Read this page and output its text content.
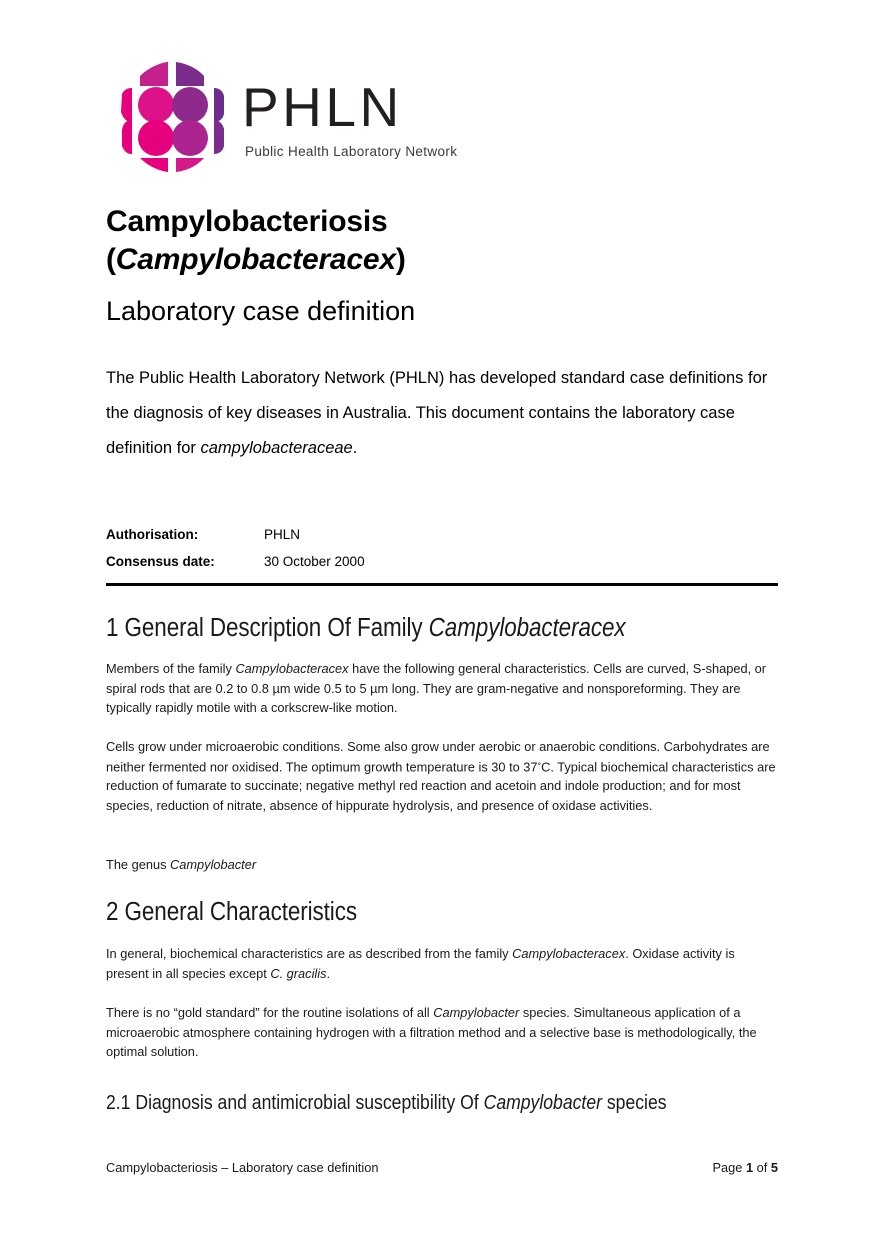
PHLN
Public Health Laboratory Network
Campylobacteriosis
(Campylobacteracex)
Laboratory case definition
The Public Health Laboratory Network (PHLN) has developed standard case definitions for the diagnosis of key diseases in Australia. This document contains the laboratory case definition for campylobacteraceae.
Authorisation:	PHLN
Consensus date:	30 October 2000
1 General Description Of Family Campylobacteracex
Members of the family Campylobacteracex have the following general characteristics. Cells are curved, S-shaped, or spiral rods that are 0.2 to 0.8 µm wide 0.5 to 5 µm long. They are gram-negative and nonsporeforming. They are typically rapidly motile with a corkscrew-like motion.
Cells grow under microaerobic conditions. Some also grow under aerobic or anaerobic conditions. Carbohydrates are neither fermented nor oxidised. The optimum growth temperature is 30 to 37°C. Typical biochemical characteristics are reduction of fumarate to succinate; negative methyl red reaction and acetoin and indole production; and for most species, reduction of nitrate, absence of hippurate hydrolysis, and presence of oxidase activities.
The genus Campylobacter
2 General Characteristics
In general, biochemical characteristics are as described from the family Campylobacteracex. Oxidase activity is present in all species except C. gracilis.
There is no “gold standard” for the routine isolations of all Campylobacter species. Simultaneous application of a microaerobic atmosphere containing hydrogen with a filtration method and a selective base is methodologically, the optimal solution.
2.1 Diagnosis and antimicrobial susceptibility Of Campylobacter species
Campylobacteriosis – Laboratory case definition	Page 1 of 5
